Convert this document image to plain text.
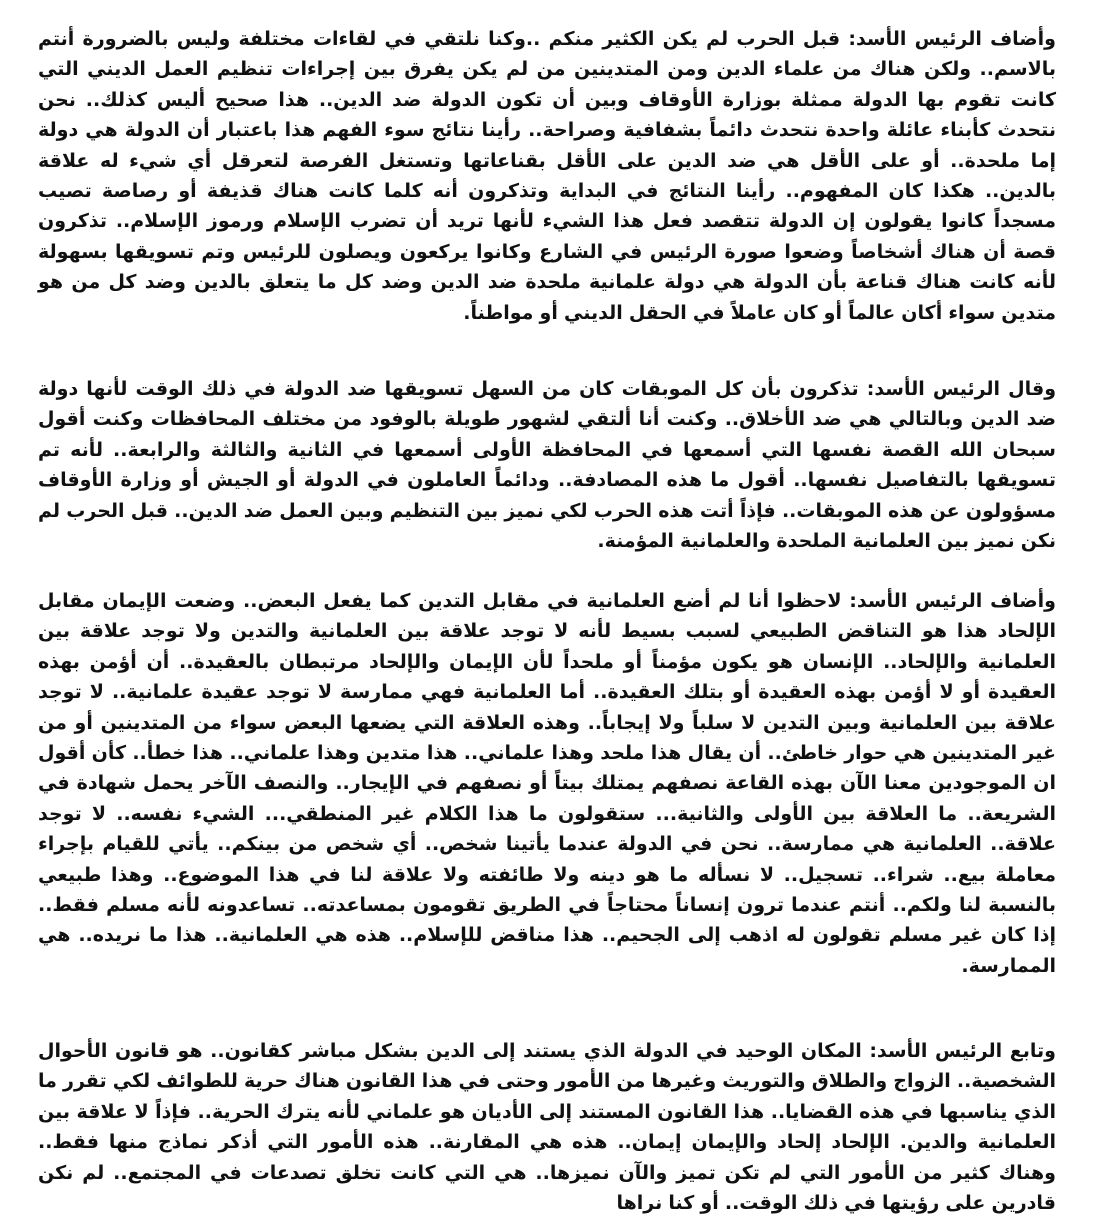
وأضاف الرئيس الأسد: قبل الحرب لم يكن الكثير منكم ..وكنا نلتقي في لقاءات مختلفة وليس بالضرورة أنتم بالاسم.. ولكن هناك من علماء الدين ومن المتدينين من لم يكن يفرق بين إجراءات تنظيم العمل الديني التي كانت تقوم بها الدولة ممثلة بوزارة الأوقاف وبين أن تكون الدولة ضد الدين.. هذا صحيح أليس كذلك.. نحن نتحدث كأبناء عائلة واحدة نتحدث دائماً بشفافية وصراحة.. رأينا نتائج سوء الفهم هذا باعتبار أن الدولة هي دولة إما ملحدة.. أو على الأقل هي ضد الدين على الأقل بقناعاتها وتستغل الفرصة لتعرقل أي شيء له علاقة بالدين.. هكذا كان المفهوم.. رأينا النتائج في البداية وتذكرون أنه كلما كانت هناك قذيفة أو رصاصة تصيب مسجداً كانوا يقولون إن الدولة تتقصد فعل هذا الشيء لأنها تريد أن تضرب الإسلام ورموز الإسلام.. تذكرون قصة أن هناك أشخاصاً وضعوا صورة الرئيس في الشارع وكانوا يركعون ويصلون للرئيس وتم تسويقها بسهولة لأنه كانت هناك قناعة بأن الدولة هي دولة علمانية ملحدة ضد الدين وضد كل ما يتعلق بالدين وضد كل من هو متدين سواء أكان عالماً أو كان عاملاً في الحقل الديني أو مواطناً.

وقال الرئيس الأسد: تذكرون بأن كل الموبقات كان من السهل تسويقها ضد الدولة في ذلك الوقت لأنها دولة ضد الدين وبالتالي هي ضد الأخلاق.. وكنت أنا ألتقي لشهور طويلة بالوفود من مختلف المحافظات وكنت أقول سبحان الله القصة نفسها التي أسمعها في المحافظة الأولى أسمعها في الثانية والثالثة والرابعة.. لأنه تم تسويقها بالتفاصيل نفسها.. أقول ما هذه المصادفة.. ودائماً العاملون في الدولة أو الجيش أو وزارة الأوقاف مسؤولون عن هذه الموبقات.. فإذاً أتت هذه الحرب لكي نميز بين التنظيم وبين العمل ضد الدين.. قبل الحرب لم نكن نميز بين العلمانية الملحدة والعلمانية المؤمنة.

وأضاف الرئيس الأسد: لاحظوا أنا لم أضع العلمانية في مقابل التدين كما يفعل البعض.. وضعت الإيمان مقابل الإلحاد هذا هو التناقض الطبيعي لسبب بسيط لأنه لا توجد علاقة بين العلمانية والتدين ولا توجد علاقة بين العلمانية والإلحاد.. الإنسان هو يكون مؤمناً أو ملحداً لأن الإيمان والإلحاد مرتبطان بالعقيدة.. أن أؤمن بهذه العقيدة أو لا أؤمن بهذه العقيدة أو بتلك العقيدة.. أما العلمانية فهي ممارسة لا توجد عقيدة علمانية.. لا توجد علاقة بين العلمانية وبين التدين لا سلباً ولا إيجاباً.. وهذه العلاقة التي يضعها البعض سواء من المتدينين أو من غير المتدينين هي حوار خاطئ.. أن يقال هذا ملحد وهذا علماني.. هذا متدين وهذا علماني.. هذا خطأ.. كأن أقول ان الموجودين معنا الآن بهذه القاعة نصفهم يمتلك بيتاً أو نصفهم في الإيجار.. والنصف الآخر يحمل شهادة في الشريعة.. ما العلاقة بين الأولى والثانية... ستقولون ما هذا الكلام غير المنطقي... الشيء نفسه.. لا توجد علاقة.. العلمانية هي ممارسة.. نحن في الدولة عندما يأتينا شخص.. أي شخص من بينكم.. يأتي للقيام بإجراء معاملة بيع.. شراء.. تسجيل.. لا نسأله ما هو دينه ولا طائفته ولا علاقة لنا في هذا الموضوع.. وهذا طبيعي بالنسبة لنا ولكم.. أنتم عندما ترون إنساناً محتاجاً في الطريق تقومون بمساعدته.. تساعدونه لأنه مسلم فقط.. إذا كان غير مسلم تقولون له اذهب إلى الجحيم.. هذا مناقض للإسلام.. هذه هي العلمانية.. هذا ما نريده.. هي الممارسة.

وتابع الرئيس الأسد: المكان الوحيد في الدولة الذي يستند إلى الدين بشكل مباشر كقانون.. هو قانون الأحوال الشخصية.. الزواج والطلاق والتوريث وغيرها من الأمور وحتى في هذا القانون هناك حرية للطوائف لكي تقرر ما الذي يناسبها في هذه القضايا.. هذا القانون المستند إلى الأديان هو علماني لأنه يترك الحرية.. فإذاً لا علاقة بين العلمانية والدين. الإلحاد إلحاد والإيمان إيمان.. هذه هي المقارنة.. هذه الأمور التي أذكر نماذج منها فقط.. وهناك كثير من الأمور التي لم تكن تميز والآن نميزها.. هي التي كانت تخلق تصدعات في المجتمع.. لم نكن قادرين على رؤيتها في ذلك الوقت.. أو كنا نراها
